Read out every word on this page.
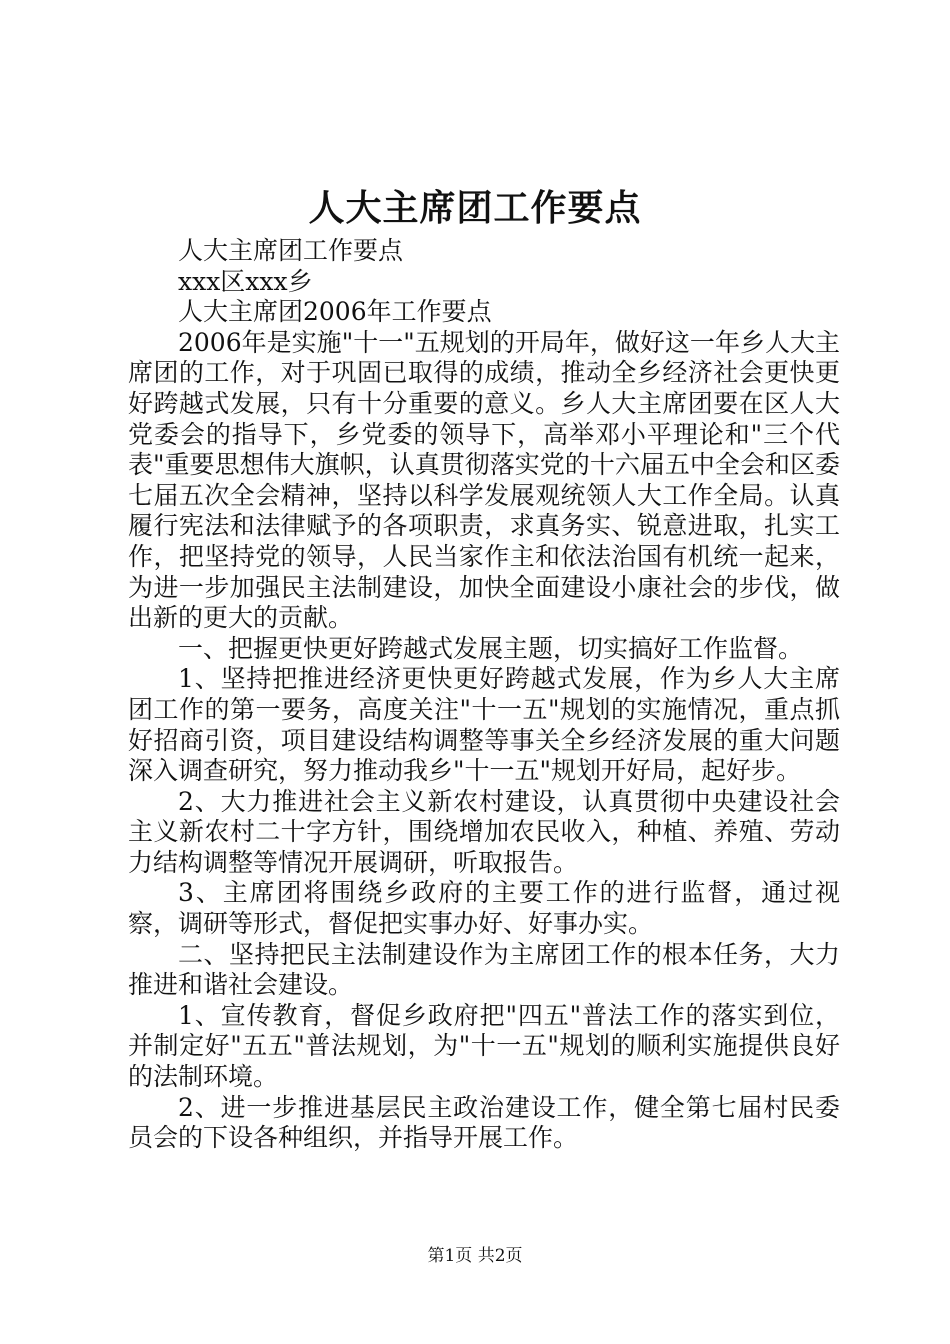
人大主席团工作要点

人大主席团工作要点

xxx区xxx乡

人大主席团2006年工作要点

2006年是实施"十一"五规划的开局年，做好这一年乡人大主席团的工作，对于巩固已取得的成绩，推动全乡经济社会更快更好跨越式发展，只有十分重要的意义。乡人大主席团要在区人大党委会的指导下，乡党委的领导下，高举邓小平理论和"三个代表"重要思想伟大旗帜，认真贯彻落实党的十六届五中全会和区委七届五次全会精神，坚持以科学发展观统领人大工作全局。认真履行宪法和法律赋予的各项职责，求真务实、锐意进取，扎实工作，把坚持党的领导，人民当家作主和依法治国有机统一起来，为进一步加强民主法制建设，加快全面建设小康社会的步伐，做出新的更大的贡献。

一、把握更快更好跨越式发展主题，切实搞好工作监督。

1、坚持把推进经济更快更好跨越式发展，作为乡人大主席团工作的第一要务，高度关注"十一五"规划的实施情况，重点抓好招商引资，项目建设结构调整等事关全乡经济发展的重大问题深入调查研究，努力推动我乡"十一五"规划开好局，起好步。

2、大力推进社会主义新农村建设，认真贯彻中央建设社会主义新农村二十字方针，围绕增加农民收入，种植、养殖、劳动力结构调整等情况开展调研，听取报告。

3、主席团将围绕乡政府的主要工作的进行监督，通过视察，调研等形式，督促把实事办好、好事办实。

二、坚持把民主法制建设作为主席团工作的根本任务，大力推进和谐社会建设。

1、宣传教育，督促乡政府把"四五"普法工作的落实到位，并制定好"五五"普法规划，为"十一五"规划的顺利实施提供良好的法制环境。

2、进一步推进基层民主政治建设工作，健全第七届村民委员会的下设各种组织，并指导开展工作。

第1页 共2页
